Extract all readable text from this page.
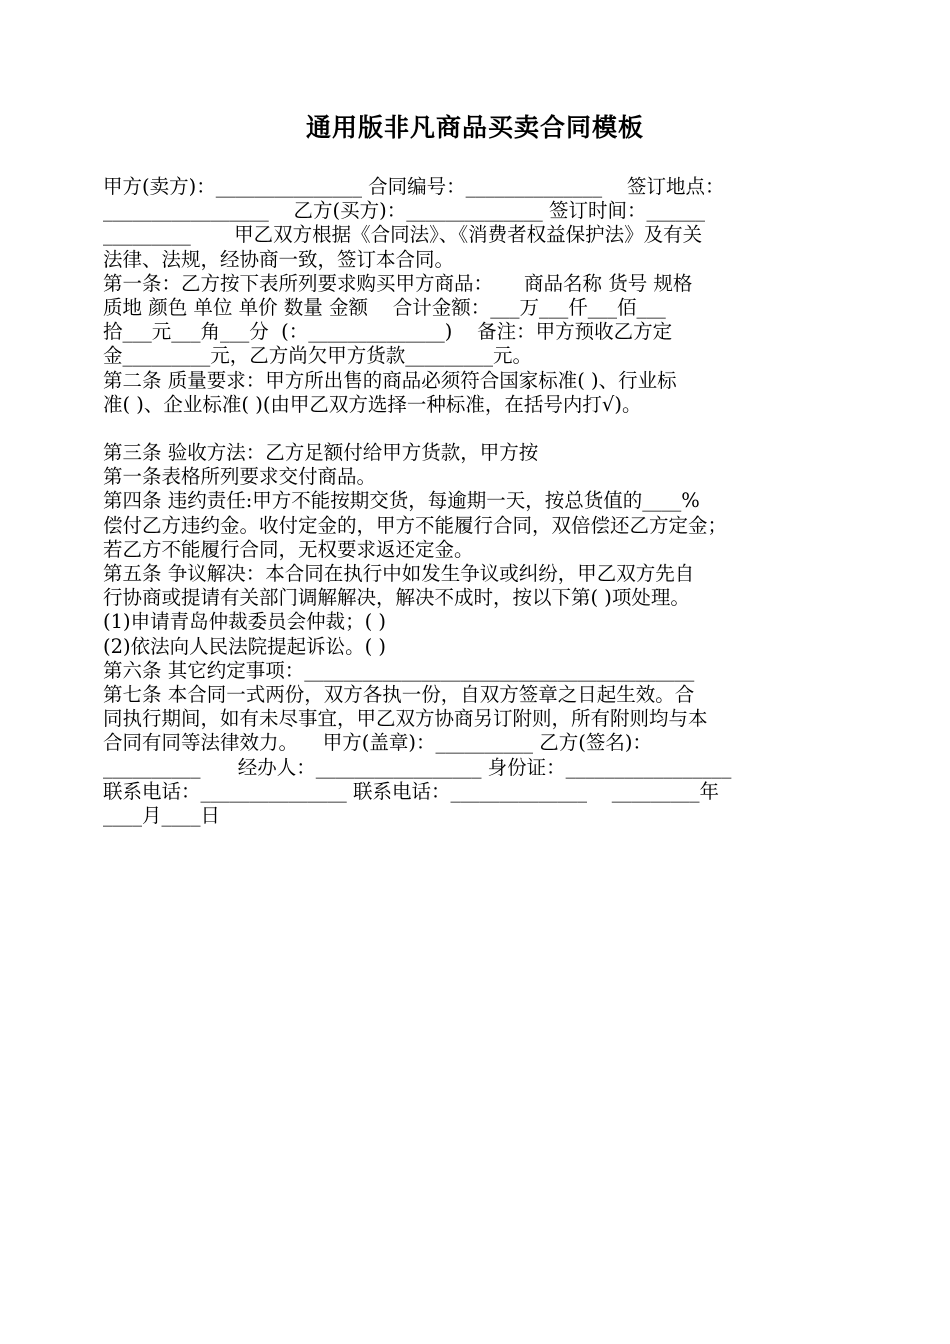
通用版非凡商品买卖合同模板
甲方(卖方)：_______________ 合同编号：______________    签订地点：
_________________    乙方(买方)：______________ 签订时间：______
_________       甲乙双方根据《合同法》、《消费者权益保护法》及有关
法律、法规，经协商一致，签订本合同。
第一条：乙方按下表所列要求购买甲方商品：     商品名称 货号 规格
质地 颜色 单位 单价 数量 金额    合计金额：___万___仟___佰___
拾___元___角___分  (：______________)    备注：甲方预收乙方定
金_________元，乙方尚欠甲方货款_________元。
第二条 质量要求：甲方所出售的商品必须符合国家标准( )、行业标
准( )、企业标准( )(由甲乙双方选择一种标准，在括号内打√)。
第三条 验收方法：乙方足额付给甲方货款，甲方按
第一条表格所列要求交付商品。
第四条 违约责任:甲方不能按期交货，每逾期一天，按总货值的____%
偿付乙方违约金。收付定金的，甲方不能履行合同，双倍偿还乙方定金；
若乙方不能履行合同，无权要求返还定金。
第五条 争议解决：本合同在执行中如发生争议或纠纷，甲乙双方先自
行协商或提请有关部门调解解决，解决不成时，按以下第( )项处理。
(1)申请青岛仲裁委员会仲裁；( )
(2)依法向人民法院提起诉讼。( )
第六条 其它约定事项：________________________________________
第七条 本合同一式两份，双方各执一份，自双方签章之日起生效。合
同执行期间，如有未尽事宜，甲乙双方协商另订附则，所有附则均与本
合同有同等法律效力。    甲方(盖章)：__________ 乙方(签名)：
__________      经办人：_________________ 身份证：_________________
联系电话：_______________ 联系电话：______________    _________年
____月____日
